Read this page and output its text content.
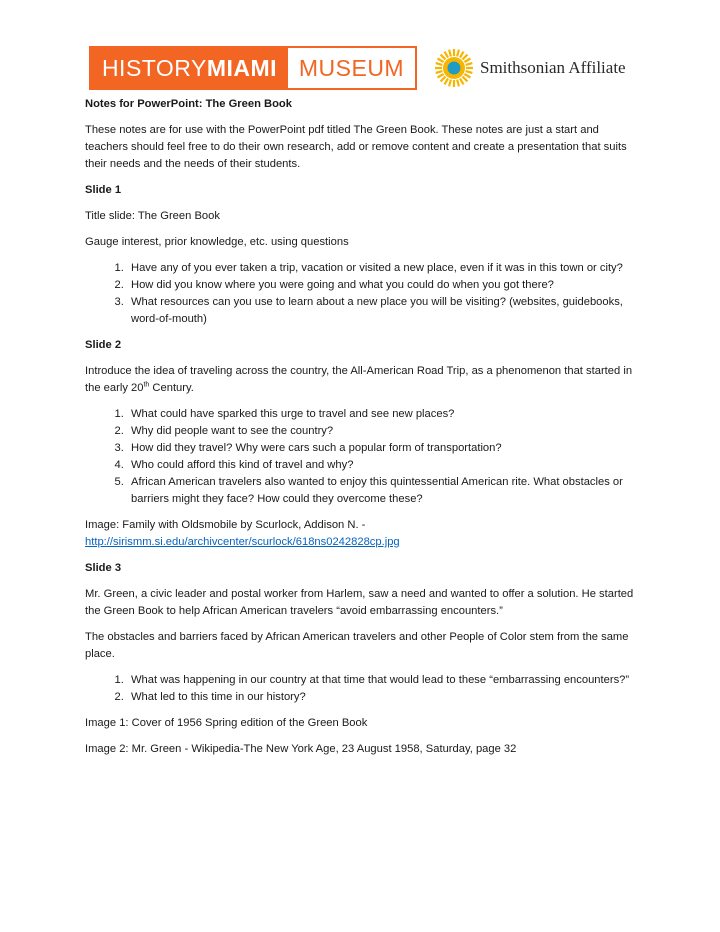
HISTORY MIAMI MUSEUM	Smithsonian Affiliate

Notes for PowerPoint: The Green Book

These notes are for use with the PowerPoint pdf titled The Green Book. These notes are just a start and teachers should feel free to do their own research, add or remove content and create a presentation that suits their needs and the needs of their students.

Slide 1

Title slide: The Green Book

Gauge interest, prior knowledge, etc. using questions

1. Have any of you ever taken a trip, vacation or visited a new place, even if it was in this town or city?
2. How did you know where you were going and what you could do when you got there?
3. What resources can you use to learn about a new place you will be visiting? (websites, guidebooks, word-of-mouth)

Slide 2

Introduce the idea of traveling across the country, the All-American Road Trip, as a phenomenon that started in the early 20th Century.

1. What could have sparked this urge to travel and see new places?
2. Why did people want to see the country?
3. How did they travel? Why were cars such a popular form of transportation?
4. Who could afford this kind of travel and why?
5. African American travelers also wanted to enjoy this quintessential American rite. What obstacles or barriers might they face? How could they overcome these?

Image: Family with Oldsmobile by Scurlock, Addison N. -
http://sirismm.si.edu/archivcenter/scurlock/618ns0242828cp.jpg

Slide 3

Mr. Green, a civic leader and postal worker from Harlem, saw a need and wanted to offer a solution. He started the Green Book to help African American travelers “avoid embarrassing encounters.”

The obstacles and barriers faced by African American travelers and other People of Color stem from the same place.

1. What was happening in our country at that time that would lead to these “embarrassing encounters?”
2. What led to this time in our history?

Image 1: Cover of 1956 Spring edition of the Green Book

Image 2: Mr. Green - Wikipedia-The New York Age, 23 August 1958, Saturday, page 32
